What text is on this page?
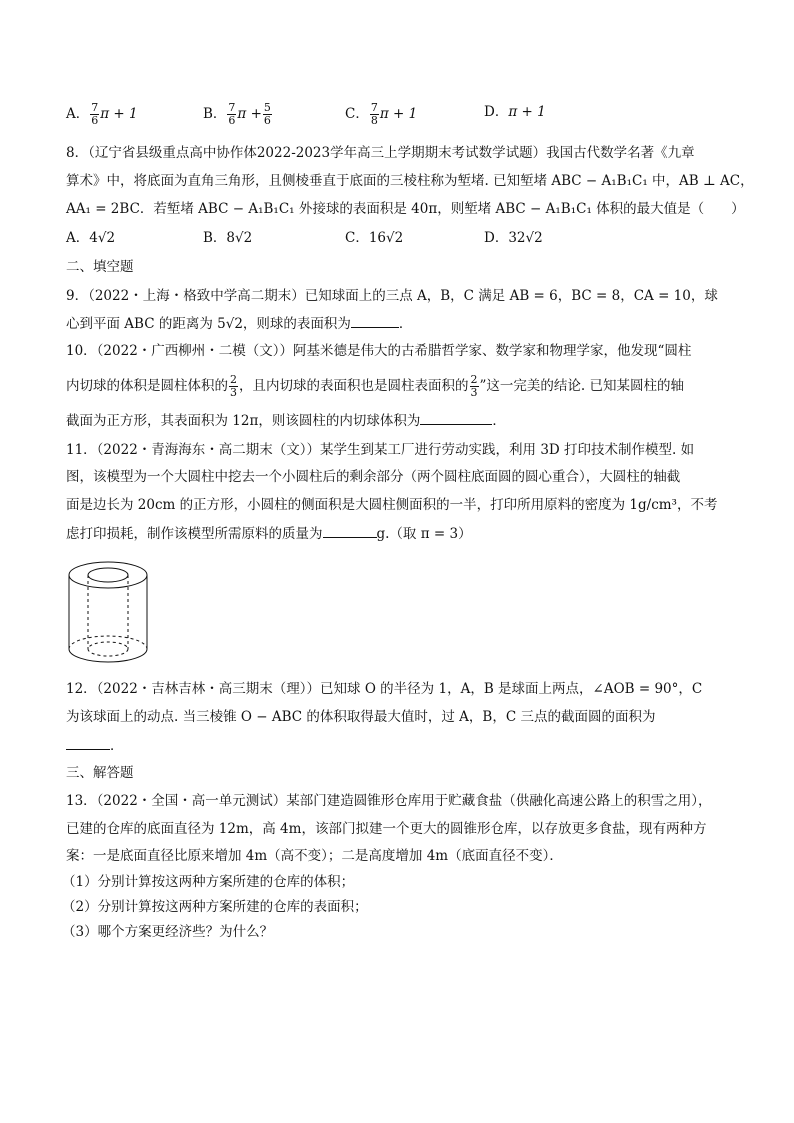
A． $\frac{7}{6}$ π + 1	B． $\frac{7}{6}$ $\pi + \frac{5}{6}$	C． $\frac{7}{8}$ π + 1	D．π + 1
8．（辽宁省县级重点高中协作体2022-2023学年高三上学期期末考试数学试题）我国古代数学名著《九章
算术》中，将底面为直角三角形，且侧棱垂直于底面的三棱柱称为堑堵. 已知堑堵 ABC − A₁B₁C₁ 中，AB ⊥ AC，
AA₁ = 2BC．若堑堵 ABC − A₁B₁C₁ 外接球的表面积是 40π，则堑堵 ABC − A₁B₁C₁ 体积的最大值是（　　）
A．4√2	B．8√2	C．16√2	D．32√2
二、填空题
9．（2022・上海・格致中学高二期末）已知球面上的三点 A，B，C 满足 AB = 6，BC = 8，CA = 10，球
心到平面 ABC 的距离为 5√2，则球的表面积为	．
10．（2022・广西柳州・二模（文））阿基米德是伟大的古希腊哲学家、数学家和物理学家，他发现“圆柱
内切球的体积是圆柱体积的 $\frac{2}{3}$ ，且内切球的表面积也是圆柱表面积的 $\frac{2}{3}$ ”这一完美的结论. 已知某圆柱的轴
截面为正方形，其表面积为 12π，则该圆柱的内切球体积为	．
11．（2022・青海海东・高二期末（文））某学生到某工厂进行劳动实践，利用 3D 打印技术制作模型. 如
图，该模型为一个大圆柱中挖去一个小圆柱后的剩余部分（两个圆柱底面圆的圆心重合），大圆柱的轴截
面是边长为 20cm 的正方形，小圆柱的侧面积是大圆柱侧面积的一半，打印所用原料的密度为 1g/cm³，不考
虑打印损耗，制作该模型所需原料的质量为	g.（取 π = 3）
12．（2022・吉林吉林・高三期末（理））已知球 O 的半径为 1，A，B 是球面上两点，∠AOB = 90°，C
为该球面上的动点. 当三棱锥 O − ABC 的体积取得最大值时，过 A，B，C 三点的截面圆的面积为
．
三、解答题
13．（2022・全国・高一单元测试）某部门建造圆锥形仓库用于贮藏食盐（供融化高速公路上的积雪之用），
已建的仓库的底面直径为 12m，高 4m，该部门拟建一个更大的圆锥形仓库，以存放更多食盐，现有两种方
案：一是底面直径比原来增加 4m（高不变）；二是高度增加 4m（底面直径不变）．
（1）分别计算按这两种方案所建的仓库的体积；
（2）分别计算按这两种方案所建的仓库的表面积；
（3）哪个方案更经济些？为什么？
